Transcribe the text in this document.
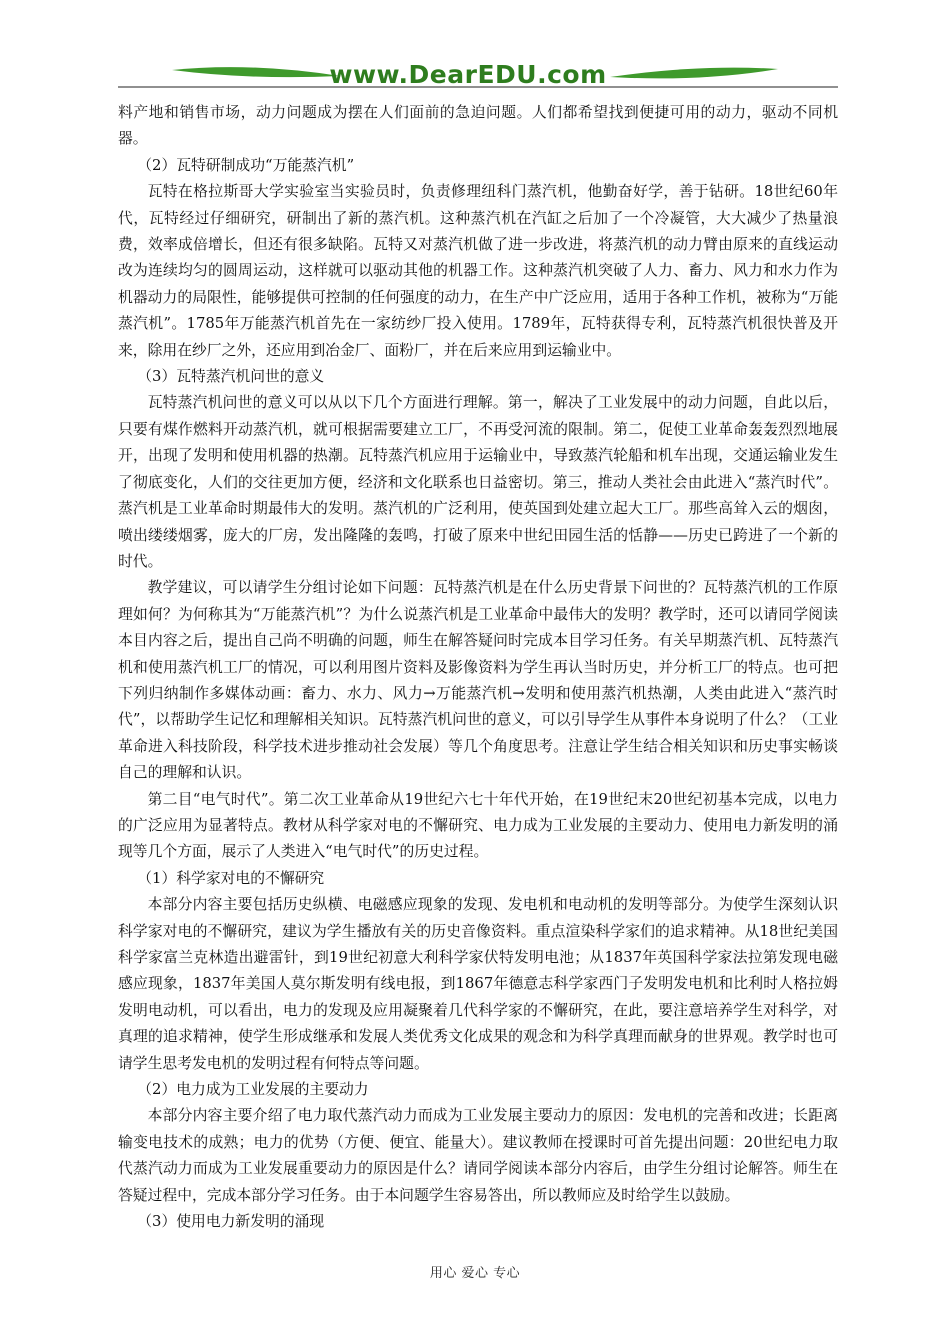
www.DearEDU.com

料产地和销售市场，动力问题成为摆在人们面前的急迫问题。人们都希望找到便捷可用的动力，驱动不同机器。

（2）瓦特研制成功“万能蒸汽机”

瓦特在格拉斯哥大学实验室当实验员时，负责修理纽科门蒸汽机，他勤奋好学，善于钻研。18世纪60年代，瓦特经过仔细研究，研制出了新的蒸汽机。这种蒸汽机在汽缸之后加了一个冷凝管，大大减少了热量浪费，效率成倍增长，但还有很多缺陷。瓦特又对蒸汽机做了进一步改进，将蒸汽机的动力臂由原来的直线运动改为连续均匀的圆周运动，这样就可以驱动其他的机器工作。这种蒸汽机突破了人力、畜力、风力和水力作为机器动力的局限性，能够提供可控制的任何强度的动力，在生产中广泛应用，适用于各种工作机，被称为“万能蒸汽机”。1785年万能蒸汽机首先在一家纺纱厂投入使用。1789年，瓦特获得专利，瓦特蒸汽机很快普及开来，除用在纱厂之外，还应用到冶金厂、面粉厂，并在后来应用到运输业中。

（3）瓦特蒸汽机问世的意义

瓦特蒸汽机问世的意义可以从以下几个方面进行理解。第一，解决了工业发展中的动力问题，自此以后，只要有煤作燃料开动蒸汽机，就可根据需要建立工厂，不再受河流的限制。第二，促使工业革命轰轰烈烈地展开，出现了发明和使用机器的热潮。瓦特蒸汽机应用于运输业中，导致蒸汽轮船和机车出现，交通运输业发生了彻底变化，人们的交往更加方便，经济和文化联系也日益密切。第三，推动人类社会由此进入“蒸汽时代”。蒸汽机是工业革命时期最伟大的发明。蒸汽机的广泛利用，使英国到处建立起大工厂。那些高耸入云的烟囱，喷出缕缕烟雾，庞大的厂房，发出隆隆的轰鸣，打破了原来中世纪田园生活的恬静——历史已跨进了一个新的时代。

教学建议，可以请学生分组讨论如下问题：瓦特蒸汽机是在什么历史背景下问世的？瓦特蒸汽机的工作原理如何？为何称其为“万能蒸汽机”？为什么说蒸汽机是工业革命中最伟大的发明？教学时，还可以请同学阅读本目内容之后，提出自己尚不明确的问题，师生在解答疑问时完成本目学习任务。有关早期蒸汽机、瓦特蒸汽机和使用蒸汽机工厂的情况，可以利用图片资料及影像资料为学生再认当时历史，并分析工厂的特点。也可把下列归纳制作多媒体动画：畜力、水力、风力→万能蒸汽机→发明和使用蒸汽机热潮，人类由此进入“蒸汽时代”，以帮助学生记忆和理解相关知识。瓦特蒸汽机问世的意义，可以引导学生从事件本身说明了什么？（工业革命进入科技阶段，科学技术进步推动社会发展）等几个角度思考。注意让学生结合相关知识和历史事实畅谈自己的理解和认识。

第二目“电气时代”。第二次工业革命从19世纪六七十年代开始，在19世纪末20世纪初基本完成，以电力的广泛应用为显著特点。教材从科学家对电的不懈研究、电力成为工业发展的主要动力、使用电力新发明的涌现等几个方面，展示了人类进入“电气时代”的历史过程。

（1）科学家对电的不懈研究

本部分内容主要包括历史纵横、电磁感应现象的发现、发电机和电动机的发明等部分。为使学生深刻认识科学家对电的不懈研究，建议为学生播放有关的历史音像资料。重点渲染科学家们的追求精神。从18世纪美国科学家富兰克林造出避雷针，到19世纪初意大利科学家伏特发明电池；从1837年英国科学家法拉第发现电磁感应现象，1837年美国人莫尔斯发明有线电报，到1867年德意志科学家西门子发明发电机和比利时人格拉姆发明电动机，可以看出，电力的发现及应用凝聚着几代科学家的不懈研究，在此，要注意培养学生对科学，对真理的追求精神，使学生形成继承和发展人类优秀文化成果的观念和为科学真理而献身的世界观。教学时也可请学生思考发电机的发明过程有何特点等问题。

（2）电力成为工业发展的主要动力

本部分内容主要介绍了电力取代蒸汽动力而成为工业发展主要动力的原因：发电机的完善和改进；长距离输变电技术的成熟；电力的优势（方便、便宜、能量大）。建议教师在授课时可首先提出问题：20世纪电力取代蒸汽动力而成为工业发展重要动力的原因是什么？请同学阅读本部分内容后，由学生分组讨论解答。师生在答疑过程中，完成本部分学习任务。由于本问题学生容易答出，所以教师应及时给学生以鼓励。

（3）使用电力新发明的涌现

用心 爱心 专心
